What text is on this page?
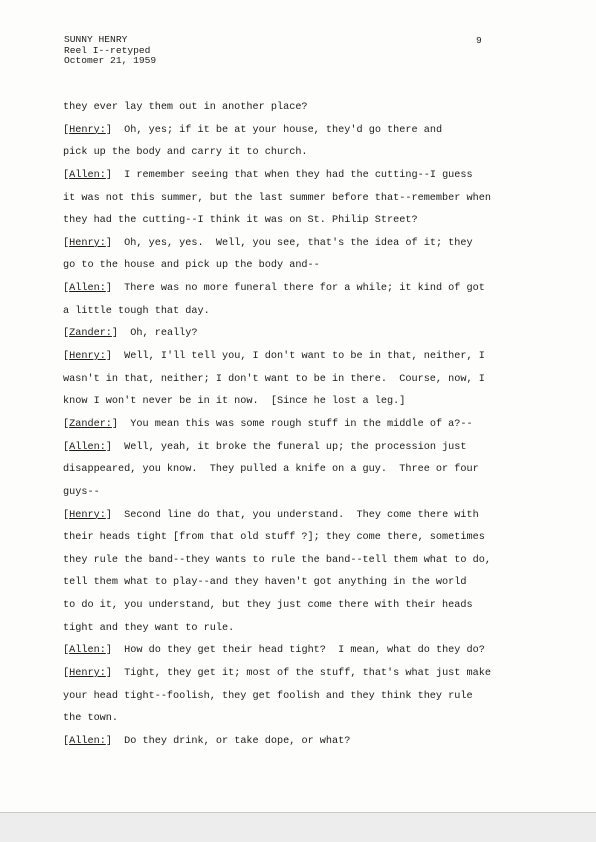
SUNNY HENRY
Reel I--retyped
Octomer 21, 1959
9
they ever lay them out in another place?
[Henry:]  Oh, yes; if it be at your house, they'd go there and
pick up the body and carry it to church.
[Allen:]  I remember seeing that when they had the cutting--I guess
it was not this summer, but the last summer before that--remember when
they had the cutting--I think it was on St. Philip Street?
[Henry:]  Oh, yes, yes.  Well, you see, that's the idea of it; they
go to the house and pick up the body and--
[Allen:]  There was no more funeral there for a while; it kind of got
a little tough that day.
[Zander:]  Oh, really?
[Henry:]  Well, I'll tell you, I don't want to be in that, neither, I
wasn't in that, neither; I don't want to be in there.  Course, now, I
know I won't never be in it now.  [Since he lost a leg.]
[Zander:]  You mean this was some rough stuff in the middle of a?--
[Allen:]  Well, yeah, it broke the funeral up; the procession just
disappeared, you know.  They pulled a knife on a guy.  Three or four
guys--
[Henry:]  Second line do that, you understand.  They come there with
their heads tight [from that old stuff ?]; they come there, sometimes
they rule the band--they wants to rule the band--tell them what to do,
tell them what to play--and they haven't got anything in the world
to do it, you understand, but they just come there with their heads
tight and they want to rule.
[Allen:]  How do they get their head tight?  I mean, what do they do?
[Henry:]  Tight, they get it; most of the stuff, that's what just make
your head tight--foolish, they get foolish and they think they rule
the town.
[Allen:]  Do they drink, or take dope, or what?
